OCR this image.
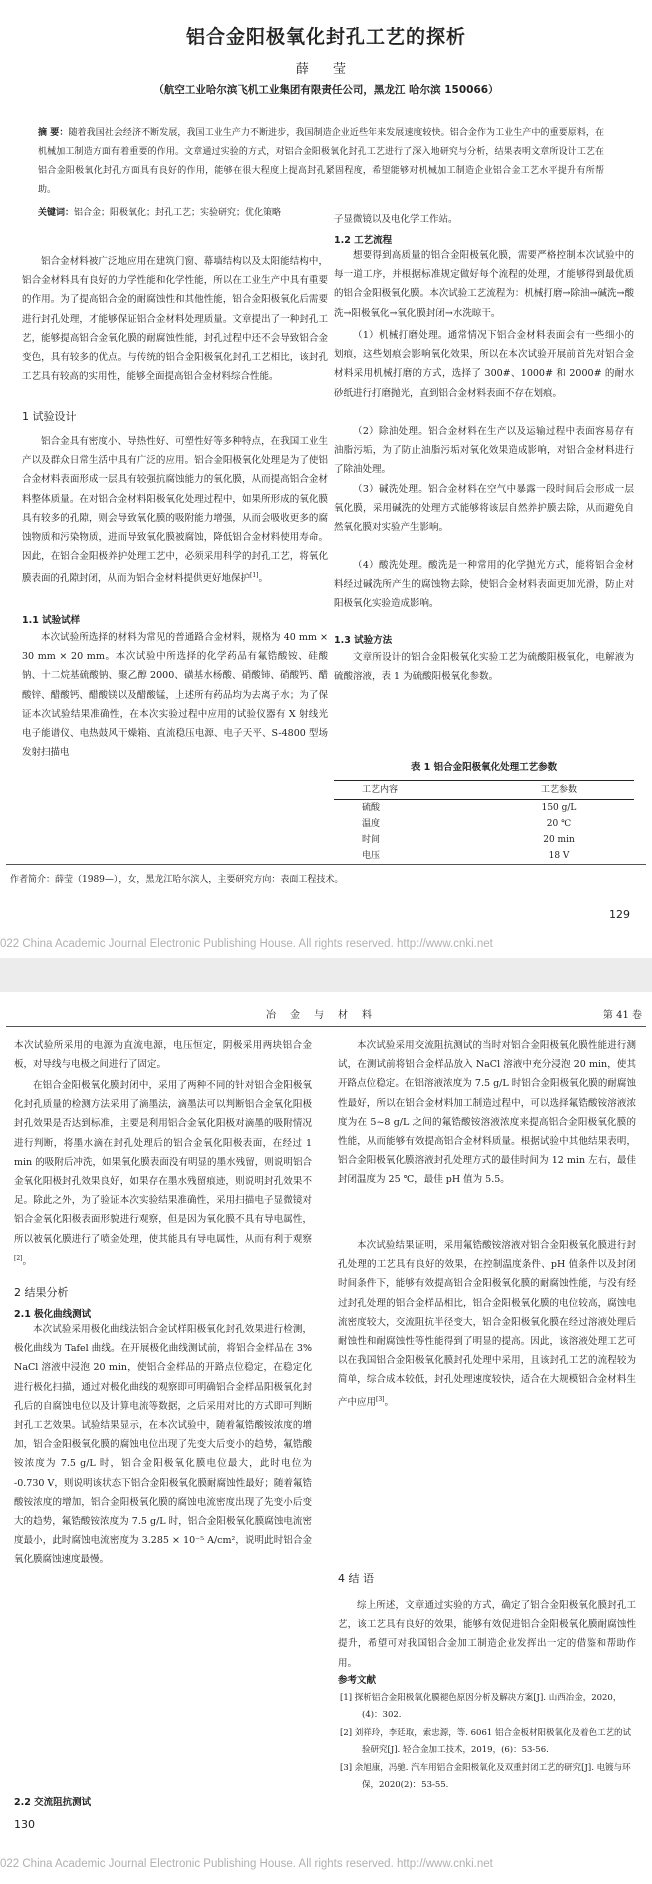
铝合金阳极氧化封孔工艺的探析
薛 莹
（航空工业哈尔滨飞机工业集团有限责任公司，黑龙江 哈尔滨 150066）
摘 要：随着我国社会经济不断发展，我国工业生产力不断进步，我国制造企业近些年来发展速度较快。铝合金作为工业生产中的重要原料，在机械加工制造方面有着重要的作用。文章通过实验的方式，对铝合金阳极氧化封孔工艺进行了深入地研究与分析，结果表明文章所设计工艺在铝合金阳极氧化封孔方面具有良好的作用，能够在很大程度上提高封孔紧固程度，希望能够对机械加工制造企业铝合金工艺水平提升有所帮助。
关键词：铝合金；阳极氧化；封孔工艺；实验研究；优化策略
铝合金材料被广泛地应用在建筑门窗、幕墙结构以及太阳能结构中，铝合金材料具有良好的力学性能和化学性能，所以在工业生产中具有重要的作用。为了提高铝合金的耐腐蚀性和其他性能，铝合金阳极氧化后需要进行封孔处理，才能够保证铝合金材料处理质量。文章提出了一种封孔工艺，能够提高铝合金氧化膜的耐腐蚀性能，封孔过程中还不会导致铝合金变色，具有较多的优点。与传统的铝合金阳极氧化封孔工艺相比，该封孔工艺具有较高的实用性，能够全面提高铝合金材料综合性能。
1 试验设计
铝合金具有密度小、导热性好、可塑性好等多种特点，在我国工业生产以及群众日常生活中具有广泛的应用。铝合金阳极氧化处理是为了使铝合金材料表面形成一层具有较强抗腐蚀能力的氧化膜，从而提高铝合金材料整体质量。在对铝合金材料阳极氧化处理过程中，如果所形成的氧化膜具有较多的孔隙，则会导致氧化膜的吸附能力增强，从而会吸收更多的腐蚀物质和污染物质，进而导致氧化膜被腐蚀，降低铝合金材料使用寿命。因此，在铝合金阳极养护处理工艺中，必须采用科学的封孔工艺，将氧化膜表面的孔隙封闭，从而为铝合金材料提供更好地保护[1]。
1.1 试验试样
本次试验所选择的材料为常见的普通路合金材料，规格为 40 mm × 30 mm × 20 mm。本次试验中所选择的化学药品有氟锆酸铵、硅酸钠、十二烷基硫酸钠、聚乙醇 2000、磺基水杨酸、硝酸铈、硝酸钙、醋酸锌、醋酸钙、醋酸镁以及醋酸锰，上述所有药品均为去离子水；为了保证本次试验结果准确性，在本次实验过程中应用的试验仪器有 X 射线光电子能谱仪、电热鼓风干燥箱、直流稳压电源、电子天平、S-4800 型场发射扫描电
子显微镜以及电化学工作站。
1.2 工艺流程
想要得到高质量的铝合金阳极氧化膜，需要严格控制本次试验中的每一道工序，并根据标准规定做好每个流程的处理，才能够得到最优质的铝合金阳极氧化膜。本次试验工艺流程为：机械打磨→除油→碱洗→酸洗→阳极氧化→氧化膜封闭→水洗晾干。
（1）机械打磨处理。通常情况下铝合金材料表面会有一些细小的划痕，这些划痕会影响氧化效果，所以在本次试验开展前首先对铝合金材料采用机械打磨的方式，选择了 300#、1000# 和 2000# 的耐水砂纸进行打磨抛光，直到铝合金材料表面不存在划痕。
（2）除油处理。铝合金材料在生产以及运输过程中表面容易存有油脂污垢，为了防止油脂污垢对氧化效果造成影响，对铝合金材料进行了除油处理。
（3）碱洗处理。铝合金材料在空气中暴露一段时间后会形成一层氧化膜，采用碱洗的处理方式能够将该层自然养护膜去除，从而避免自然氧化膜对实验产生影响。
（4）酸洗处理。酸洗是一种常用的化学抛光方式，能将铝合金材料经过碱洗所产生的腐蚀物去除，使铝合金材料表面更加光滑，防止对阳极氧化实验造成影响。
1.3 试验方法
文章所设计的铝合金阳极氧化实验工艺为硫酸阳极氧化，电解液为硫酸溶液，表 1 为硫酸阳极氧化参数。
表 1 铝合金阳极氧化处理工艺参数
工艺内容	工艺参数
硫酸	150 g/L
温度	20 ℃
时间	20 min
电压	18 V
作者简介：薛莹（1989—），女，黑龙江哈尔滨人，主要研究方向：表面工程技术。
129
022 China Academic Journal Electronic Publishing House. All rights reserved. http://www.cnki.net
冶金与材料	第 41 卷
本次试验所采用的电源为直流电源，电压恒定，阴极采用两块铝合金板，对导线与电极之间进行了固定。
在铝合金阳极氧化膜封闭中，采用了两种不同的针对铝合金阳极氧化封孔质量的检测方法采用了滴墨法，滴墨法可以判断铝合金氧化阳极封孔效果是否达到标准，主要是利用铝合金氧化阳极对滴墨的吸附情况进行判断，将墨水滴在封孔处理后的铝合金氧化阳极表面，在经过 1 min 的吸附后冲洗，如果氧化膜表面没有明显的墨水残留，则说明铝合金氧化阳极封孔效果良好，如果存在墨水残留痕迹，则说明封孔效果不足。除此之外，为了验证本次实验结果准确性，采用扫描电子显微镜对铝合金氧化阳极表面形貌进行观察，但是因为氧化膜不具有导电属性，所以被氧化膜进行了喷金处理，使其能具有导电属性，从而有利于观察[2]。
2 结果分析
2.1 极化曲线测试
本次试验采用极化曲线法铝合金试样阳极氧化封孔效果进行检测，极化曲线为 Tafel 曲线。在开展极化曲线测试前，将铝合金样品在 3% NaCl 溶液中浸泡 20 min，使铝合金样品的开路点位稳定，在稳定化进行极化扫描，通过对极化曲线的观察即可明确铝合金样品阳极氧化封孔后的自腐蚀电位以及计算电流等数据，之后采用对比的方式即可判断封孔工艺效果。试验结果显示，在本次试验中，随着氟锆酸铵浓度的增加，铝合金阳极氧化膜的腐蚀电位出现了先变大后变小的趋势，氟锆酸铵浓度为 7.5 g/L 时，铝合金阳极氧化膜电位最大，此时电位为 -0.730 V，则说明该状态下铝合金阳极氧化膜耐腐蚀性最好；随着氟锆酸铵浓度的增加，铝合金阳极氧化膜的腐蚀电流密度出现了先变小后变大的趋势，氟锆酸铵浓度为 7.5 g/L 时，铝合金阳极氧化膜腐蚀电流密度最小，此时腐蚀电流密度为 3.285 × 10⁻⁵ A/cm²，说明此时铝合金氧化膜腐蚀速度最慢。
2.2 交流阻抗测试
本次试验采用交流阻抗测试的当时对铝合金阳极氧化膜性能进行测试，在测试前将铝合金样品放入 NaCl 溶液中充分浸泡 20 min，使其开路点位稳定。在铝溶液浓度为 7.5 g/L 时铝合金阳极氧化膜的耐腐蚀性最好，所以在铝合金材料加工制造过程中，可以选择氟锆酸铵溶液浓度为在 5~8 g/L 之间的氟锆酸铵溶液浓度来提高铝合金阳极氧化膜的性能，从而能够有效提高铝合金材料质量。根据试验中其他结果表明，铝合金阳极氧化膜溶液封孔处理方式的最佳时间为 12 min 左右，最佳封闭温度为 25 ℃，最佳 pH 值为 5.5。
本次试验结果证明，采用氟锆酸铵溶液对铝合金阳极氧化膜进行封孔处理的工艺具有良好的效果，在控制温度条件、pH 值条件以及封闭时间条件下，能够有效提高铝合金阳极氧化膜的耐腐蚀性能，与没有经过封孔处理的铝合金样品相比，铝合金阳极氧化膜的电位较高，腐蚀电流密度较大，交流阻抗半径变大，铝合金阳极氧化膜在经过溶液处理后耐蚀性和耐腐蚀性等性能得到了明显的提高。因此，该溶液处理工艺可以在我国铝合金阳极氧化膜封孔处理中采用，且该封孔工艺的流程较为简单，综合成本较低，封孔处理速度较快，适合在大规模铝合金材料生产中应用[3]。
4 结 语
综上所述，文章通过实验的方式，确定了铝合金阳极氧化膜封孔工艺，该工艺具有良好的效果，能够有效促进铝合金阳极氧化膜耐腐蚀性提升，希望可对我国铝合金加工制造企业发挥出一定的借鉴和帮助作用。
参考文献
[1] 探析铝合金阳极氧化膜褪色原因分析及解决方案[J]. 山西冶金，2020，(4)：302.
[2] 刘祥玲，李廷取，索忠源，等. 6061 铝合金板材阳极氧化及着色工艺的试验研究[J]. 轻合金加工技术，2019，(6)：53-56.
[3] 余旭康，冯驰. 汽车用铝合金阳极氧化及双重封闭工艺的研究[J]. 电镀与环保，2020(2)：53-55.
130
022 China Academic Journal Electronic Publishing House. All rights reserved. http://www.cnki.net
